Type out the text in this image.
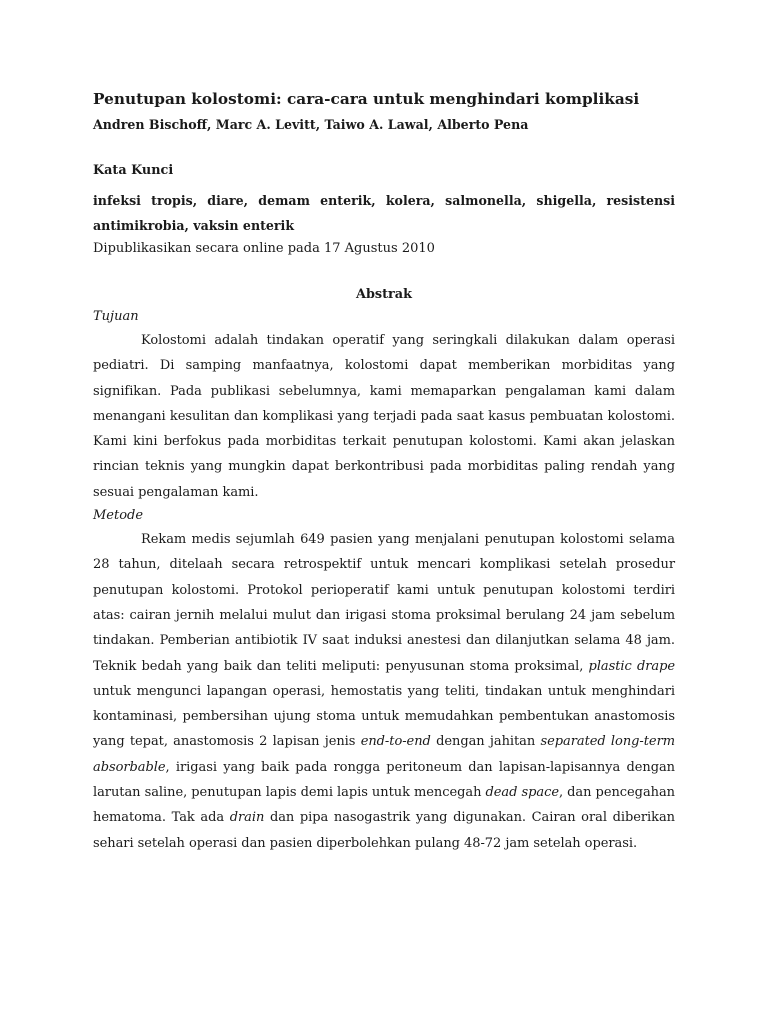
Penutupan kolostomi: cara-cara untuk menghindari komplikasi
Andren Bischoff, Marc A. Levitt, Taiwo A. Lawal, Alberto Pena
Kata Kunci
infeksi tropis, diare, demam enterik, kolera, salmonella, shigella, resistensi antimikrobia, vaksin enterik
Dipublikasikan secara online pada 17 Agustus 2010
Abstrak
Tujuan

Kolostomi adalah tindakan operatif yang seringkali dilakukan dalam operasi pediatri. Di samping manfaatnya, kolostomi dapat memberikan morbiditas yang signifikan. Pada publikasi sebelumnya, kami memaparkan pengalaman kami dalam menangani kesulitan dan komplikasi yang terjadi pada saat kasus pembuatan kolostomi. Kami kini berfokus pada morbiditas terkait penutupan kolostomi. Kami akan jelaskan rincian teknis yang mungkin dapat berkontribusi pada morbiditas paling rendah yang sesuai pengalaman kami.

Metode

Rekam medis sejumlah 649 pasien yang menjalani penutupan kolostomi selama 28 tahun, ditelaah secara retrospektif untuk mencari komplikasi setelah prosedur penutupan kolostomi. Protokol perioperatif kami untuk penutupan kolostomi terdiri atas: cairan jernih melalui mulut dan irigasi stoma proksimal berulang 24 jam sebelum tindakan. Pemberian antibiotik IV saat induksi anestesi dan dilanjutkan selama 48 jam. Teknik bedah yang baik dan teliti meliputi: penyusunan stoma proksimal, plastic drape untuk mengunci lapangan operasi, hemostatis yang teliti, tindakan untuk menghindari kontaminasi, pembersihan ujung stoma untuk memudahkan pembentukan anastomosis yang tepat, anastomosis 2 lapisan jenis end-to-end dengan jahitan separated long-term absorbable, irigasi yang baik pada rongga peritoneum dan lapisan-lapisannya dengan larutan saline, penutupan lapis demi lapis untuk mencegah dead space, dan pencegahan hematoma. Tak ada drain dan pipa nasogastrik yang digunakan. Cairan oral diberikan sehari setelah operasi dan pasien diperbolehkan pulang 48-72 jam setelah operasi.
